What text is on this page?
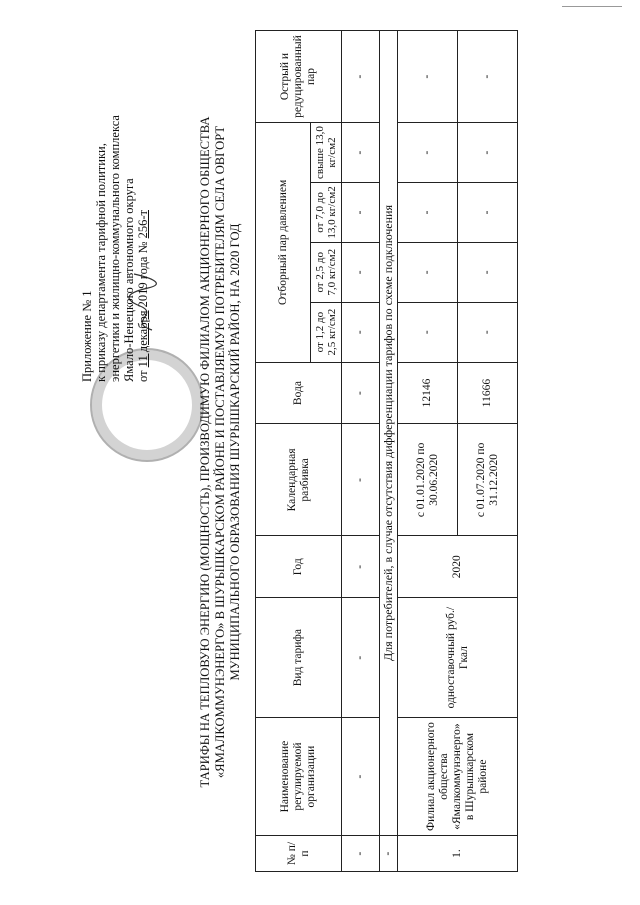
Приложение № 1 к приказу департамента тарифной политики, энергетики и жилищно-коммунального комплекса Ямало-Ненецкого автономного округа от 11 декабря 2019 года № 256-т	ТАРИФЫ НА ТЕПЛОВУЮ ЭНЕРГИЮ (МОЩНОСТЬ), ПРОИЗВОДИМУЮ ФИЛИАЛОМ АКЦИОНЕРНОГО ОБЩЕСТВА «ЯМАЛКОММУНЭНЕРГО» В ШУРЫШКАРСКОМ РАЙОНЕ И ПОСТАВЛЯЕМУЮ ПОТРЕБИТЕЛЯМ СЕЛА ОВГОРТ МУНИЦИПАЛЬНОГО ОБРАЗОВАНИЯ ШУРЫШКАРСКИЙ РАЙОН, НА 2020 ГОД
№ п/п	Наименование регулируемой организации	Вид тарифа	Год	Календарная разбивка	Вода	Отборный пар давлением				Острый и редуцированный пар
						от 1,2 до 2,5 кг/см2	от 2,5 до 7,0 кг/см2	от 7,0 до 13,0 кг/см2	свыше 13,0 кг/см2	
-	-	-	-	-	-	-	-	-	-	-
-	Для потребителей, в случае отсутствия дифференциации тарифов по схеме подключения									
1.	Филиал акционерного общества «Ямалкоммунэнерго» в Шурышкарском районе	одноставочный руб./Гкал	2020	с 01.01.2020 по 30.06.2020	12146	-	-	-	-	-
				с 01.07.2020 по 31.12.2020	11666	-	-	-	-	-
